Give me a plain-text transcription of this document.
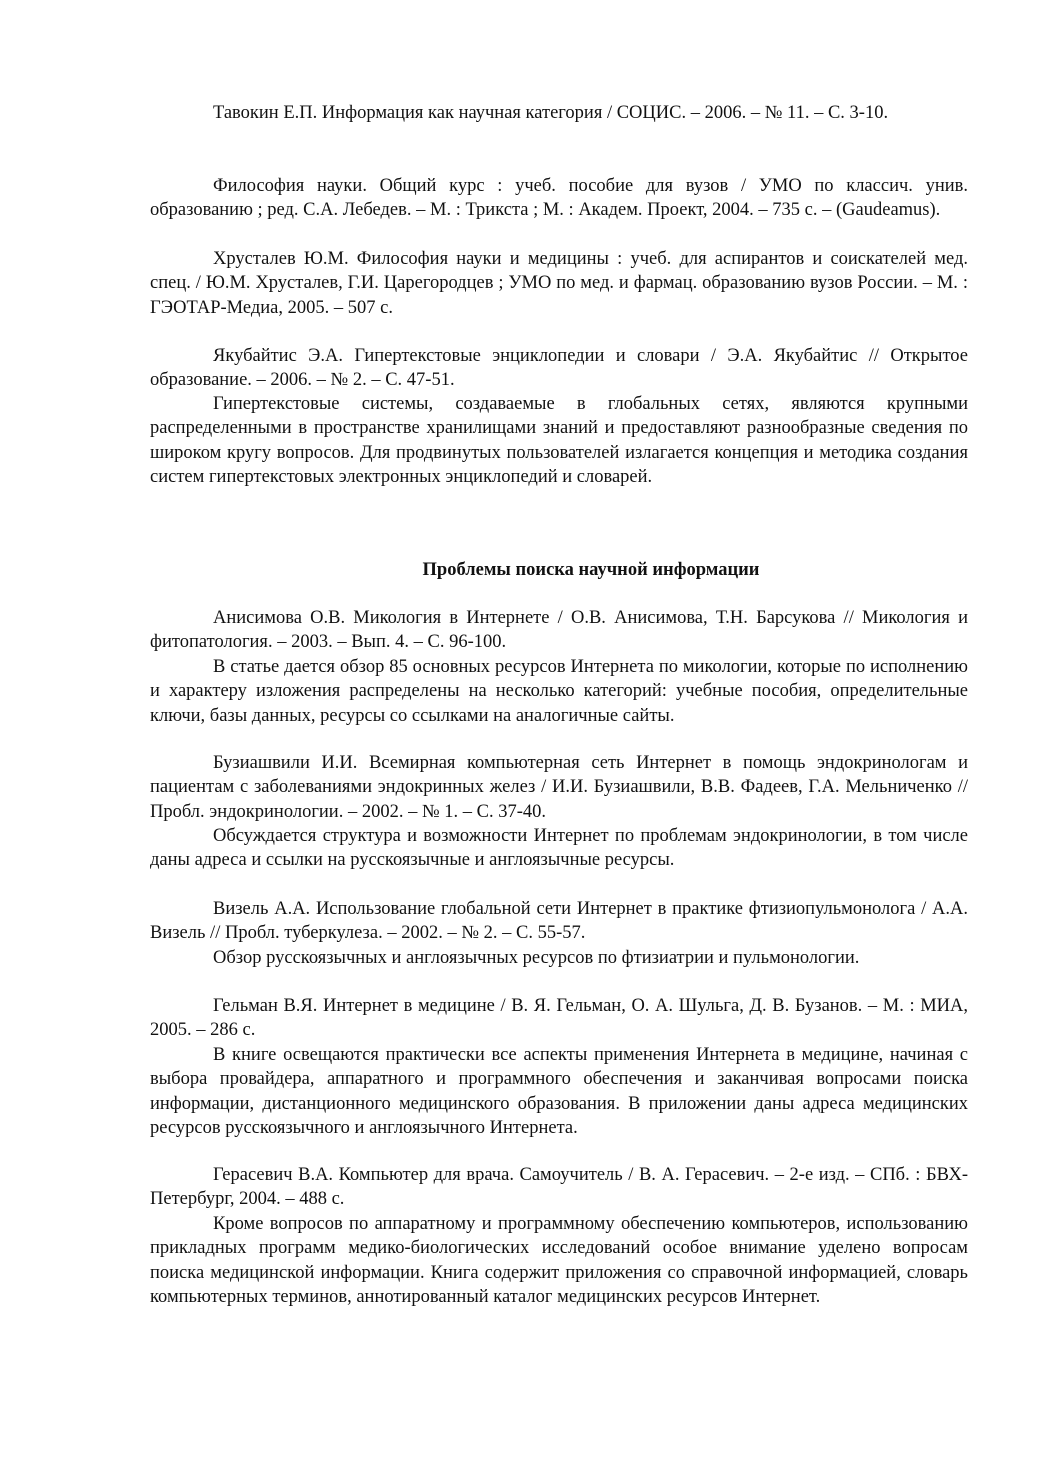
Тавокин Е.П. Информация как научная категория / СОЦИС. – 2006. – № 11. – С. 3-10.

Философия науки. Общий курс : учеб. пособие для вузов / УМО по классич. унив. образованию ; ред. С.А. Лебедев. – М. : Трикста ; М. : Академ. Проект, 2004. – 735 с. – (Gaudeamus).

Хрусталев Ю.М. Философия науки и медицины : учеб. для аспирантов и соискателей мед. спец. / Ю.М. Хрусталев, Г.И. Царегородцев ; УМО по мед. и фармац. образованию вузов России. – М. : ГЭОТАР-Медиа, 2005. – 507 с.

Якубайтис Э.А. Гипертекстовые энциклопедии и словари / Э.А. Якубайтис // Открытое образование. – 2006. – № 2. – С. 47-51.

Гипертекстовые системы, создаваемые в глобальных сетях, являются крупными распределенными в пространстве хранилищами знаний и предоставляют разнообразные сведения по широком кругу вопросов. Для продвинутых пользователей излагается концепция и методика создания систем гипертекстовых электронных энциклопедий и словарей.

Проблемы поиска научной информации

Анисимова О.В. Микология в Интернете / О.В. Анисимова, Т.Н. Барсукова // Микология и фитопатология. – 2003. – Вып. 4. – С. 96-100.

В статье дается обзор 85 основных ресурсов Интернета по микологии, которые по исполнению и характеру изложения распределены на несколько категорий: учебные пособия, определительные ключи, базы данных, ресурсы со ссылками на аналогичные сайты.

Бузиашвили И.И. Всемирная компьютерная сеть Интернет в помощь эндокринологам и пациентам с заболеваниями эндокринных желез / И.И. Бузиашвили, В.В. Фадеев, Г.А. Мельниченко // Пробл. эндокринологии. – 2002. – № 1. – С. 37-40.

Обсуждается структура и возможности Интернет по проблемам эндокринологии, в том числе даны адреса и ссылки на русскоязычные и англоязычные ресурсы.

Визель А.А. Использование глобальной сети Интернет в практике фтизиопульмонолога / А.А. Визель // Пробл. туберкулеза. – 2002. – № 2. – С. 55-57.

Обзор русскоязычных и англоязычных ресурсов по фтизиатрии и пульмонологии.

Гельман В.Я. Интернет в медицине / В. Я. Гельман, О. А. Шульга, Д. В. Бузанов. – М. : МИА, 2005. – 286 с.

В книге освещаются практически все аспекты применения Интернета в медицине, начиная с выбора провайдера, аппаратного и программного обеспечения и заканчивая вопросами поиска информации, дистанционного медицинского образования. В приложении даны адреса медицинских ресурсов русскоязычного и англоязычного Интернета.

Герасевич В.А. Компьютер для врача. Самоучитель / В. А. Герасевич. – 2-е изд. – СПб. : БВХ-Петербург, 2004. – 488 с.

Кроме вопросов по аппаратному и программному обеспечению компьютеров, использованию прикладных программ медико-биологических исследований особое внимание уделено вопросам поиска медицинской информации. Книга содержит приложения со справочной информацией, словарь компьютерных терминов, аннотированный каталог медицинских ресурсов Интернет.
